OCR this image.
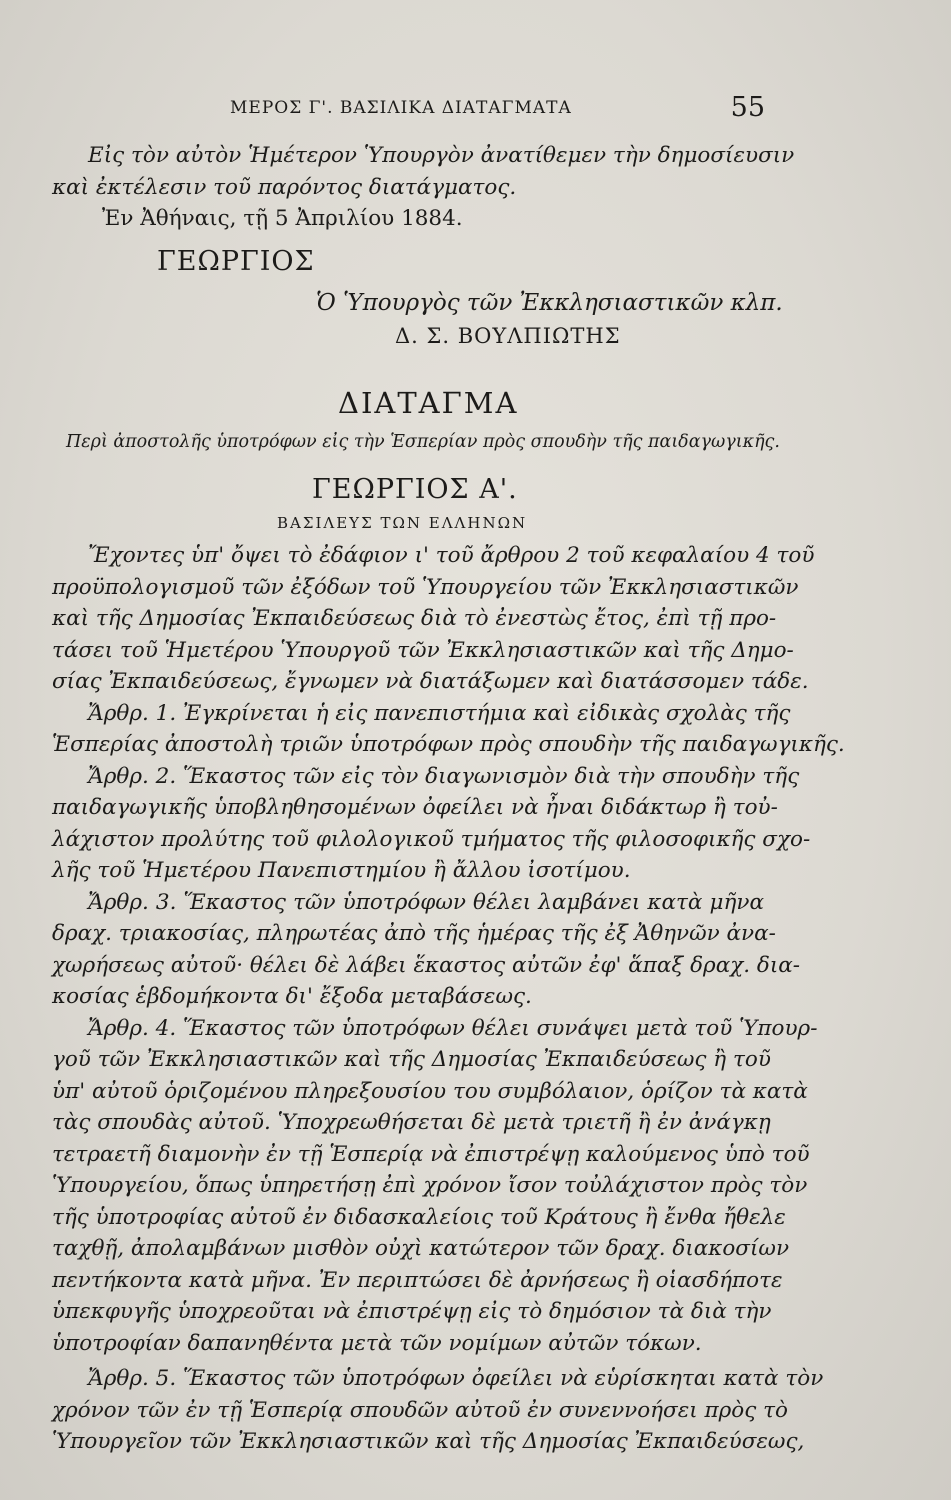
ΜΕΡΟΣ Γ'. ΒΑΣΙΛΙΚΑ ΔΙΑΤΑΓΜΑΤΑ	55
Εἰς τὸν αὐτὸν Ἡμέτερον Ὑπουργὸν ἀνατίθεμεν τὴν δημοσίευσιν
καὶ ἐκτέλεσιν τοῦ παρόντος διατάγματος.
Ἐν Ἀθήναις, τῇ 5 Ἀπριλίου 1884.
ΓΕΩΡΓΙΟΣ
Ὁ Ὑπουργὸς τῶν Ἐκκλησιαστικῶν κλπ.
Δ. Σ. ΒΟΥΛΠΙΩΤΗΣ
ΔΙΑΤΑΓΜΑ
Περὶ ἀποστολῆς ὑποτρόφων εἰς τὴν Ἑσπερίαν πρὸς σπουδὴν τῆς παιδαγωγικῆς.
ΓΕΩΡΓΙΟΣ Α'.
ΒΑΣΙΛΕΥΣ ΤΩΝ ΕΛΛΗΝΩΝ
Ἔχοντες ὑπ' ὄψει τὸ ἐδάφιον ι' τοῦ ἄρθρου 2 τοῦ κεφαλαίου 4 τοῦ
προϋπολογισμοῦ τῶν ἐξόδων τοῦ Ὑπουργείου τῶν Ἐκκλησιαστικῶν
καὶ τῆς Δημοσίας Ἐκπαιδεύσεως διὰ τὸ ἐνεστὼς ἔτος, ἐπὶ τῇ προ-
τάσει τοῦ Ἡμετέρου Ὑπουργοῦ τῶν Ἐκκλησιαστικῶν καὶ τῆς Δημο-
σίας Ἐκπαιδεύσεως, ἔγνωμεν νὰ διατάξωμεν καὶ διατάσσομεν τάδε.
Ἄρθρ. 1. Ἐγκρίνεται ἡ εἰς πανεπιστήμια καὶ εἰδικὰς σχολὰς τῆς
Ἑσπερίας ἀποστολὴ τριῶν ὑποτρόφων πρὸς σπουδὴν τῆς παιδαγωγικῆς.
Ἄρθρ. 2. Ἕκαστος τῶν εἰς τὸν διαγωνισμὸν διὰ τὴν σπουδὴν τῆς
παιδαγωγικῆς ὑποβληθησομένων ὀφείλει νὰ ἦναι διδάκτωρ ἢ τοὐ-
λάχιστον προλύτης τοῦ φιλολογικοῦ τμήματος τῆς φιλοσοφικῆς σχο-
λῆς τοῦ Ἡμετέρου Πανεπιστημίου ἢ ἄλλου ἰσοτίμου.
Ἄρθρ. 3. Ἕκαστος τῶν ὑποτρόφων θέλει λαμβάνει κατὰ μῆνα
δραχ. τριακοσίας, πληρωτέας ἀπὸ τῆς ἡμέρας τῆς ἐξ Ἀθηνῶν ἀνα-
χωρήσεως αὐτοῦ· θέλει δὲ λάβει ἕκαστος αὐτῶν ἐφ' ἅπαξ δραχ. δια-
κοσίας ἑβδομήκοντα δι' ἔξοδα μεταβάσεως.
Ἄρθρ. 4. Ἕκαστος τῶν ὑποτρόφων θέλει συνάψει μετὰ τοῦ Ὑπουρ-
γοῦ τῶν Ἐκκλησιαστικῶν καὶ τῆς Δημοσίας Ἐκπαιδεύσεως ἢ τοῦ
ὑπ' αὐτοῦ ὁριζομένου πληρεξουσίου του συμβόλαιον, ὁρίζον τὰ κατὰ
τὰς σπουδὰς αὐτοῦ. Ὑποχρεωθήσεται δὲ μετὰ τριετῆ ἢ ἐν ἀνάγκῃ
τετραετῆ διαμονὴν ἐν τῇ Ἑσπερίᾳ νὰ ἐπιστρέψῃ καλούμενος ὑπὸ τοῦ
Ὑπουργείου, ὅπως ὑπηρετήσῃ ἐπὶ χρόνον ἴσον τοὐλάχιστον πρὸς τὸν
τῆς ὑποτροφίας αὐτοῦ ἐν διδασκαλείοις τοῦ Κράτους ἢ ἔνθα ἤθελε
ταχθῇ, ἀπολαμβάνων μισθὸν οὐχὶ κατώτερον τῶν δραχ. διακοσίων
πεντήκοντα κατὰ μῆνα. Ἐν περιπτώσει δὲ ἀρνήσεως ἢ οἱασδήποτε
ὑπεκφυγῆς ὑποχρεοῦται νὰ ἐπιστρέψῃ εἰς τὸ δημόσιον τὰ διὰ τὴν
ὑποτροφίαν δαπανηθέντα μετὰ τῶν νομίμων αὐτῶν τόκων.
Ἄρθρ. 5. Ἕκαστος τῶν ὑποτρόφων ὀφείλει νὰ εὑρίσκηται κατὰ τὸν
χρόνον τῶν ἐν τῇ Ἑσπερίᾳ σπουδῶν αὐτοῦ ἐν συνεννοήσει πρὸς τὸ
Ὑπουργεῖον τῶν Ἐκκλησιαστικῶν καὶ τῆς Δημοσίας Ἐκπαιδεύσεως,
